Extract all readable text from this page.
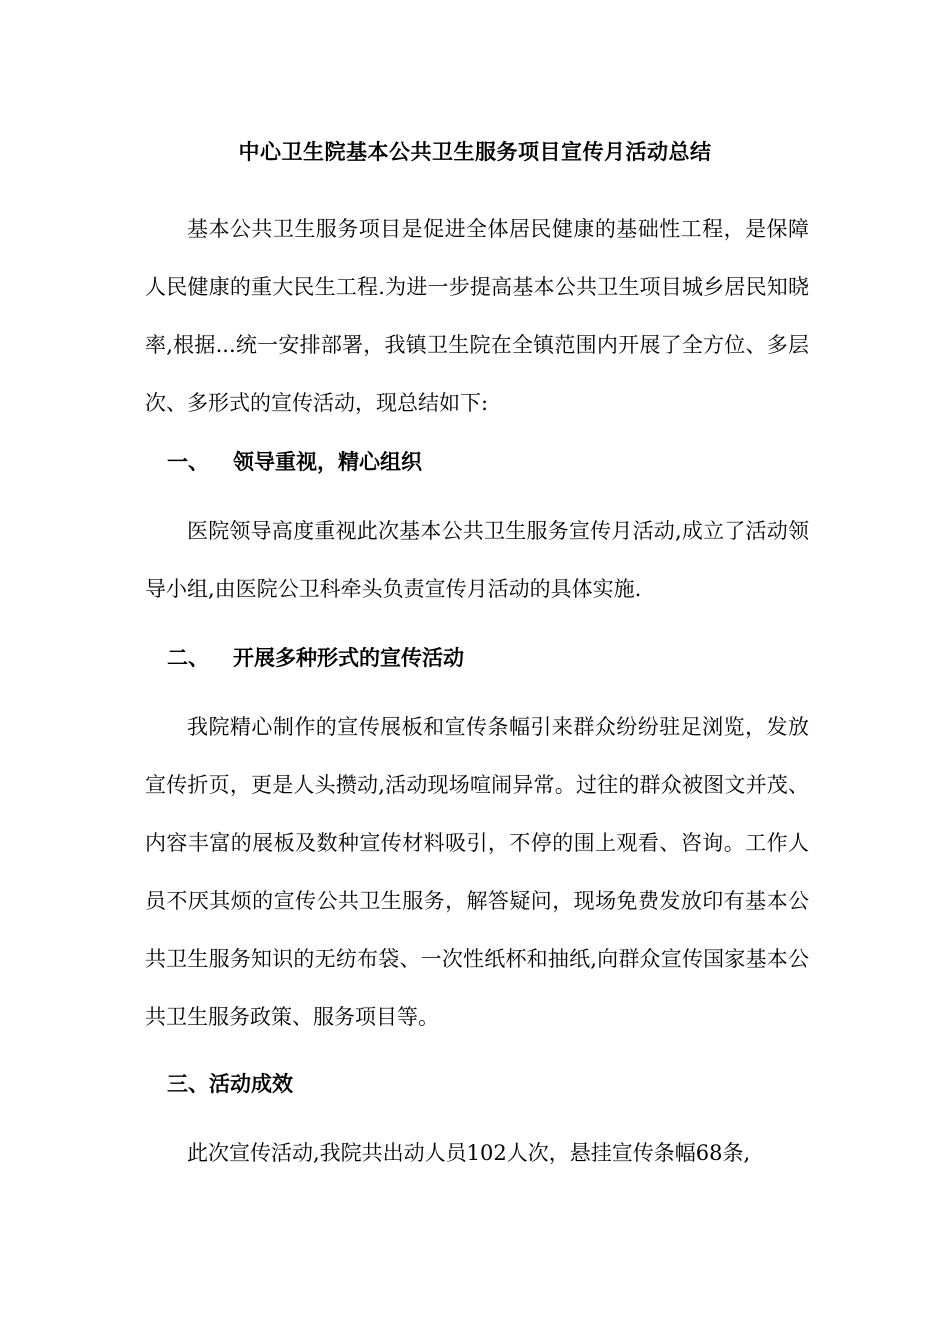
中心卫生院基本公共卫生服务项目宣传月活动总结

基本公共卫生服务项目是促进全体居民健康的基础性工程，是保障人民健康的重大民生工程.为进一步提高基本公共卫生项目城乡居民知晓率,根据...统一安排部署，我镇卫生院在全镇范围内开展了全方位、多层次、多形式的宣传活动，现总结如下:

一、 领导重视，精心组织

医院领导高度重视此次基本公共卫生服务宣传月活动,成立了活动领导小组,由医院公卫科牵头负责宣传月活动的具体实施.

二、 开展多种形式的宣传活动

我院精心制作的宣传展板和宣传条幅引来群众纷纷驻足浏览，发放宣传折页，更是人头攒动,活动现场喧闹异常。过往的群众被图文并茂、内容丰富的展板及数种宣传材料吸引，不停的围上观看、咨询。工作人员不厌其烦的宣传公共卫生服务，解答疑问，现场免费发放印有基本公共卫生服务知识的无纺布袋、一次性纸杯和抽纸,向群众宣传国家基本公共卫生服务政策、服务项目等。

三、活动成效

此次宣传活动,我院共出动人员102人次，悬挂宣传条幅68条,
